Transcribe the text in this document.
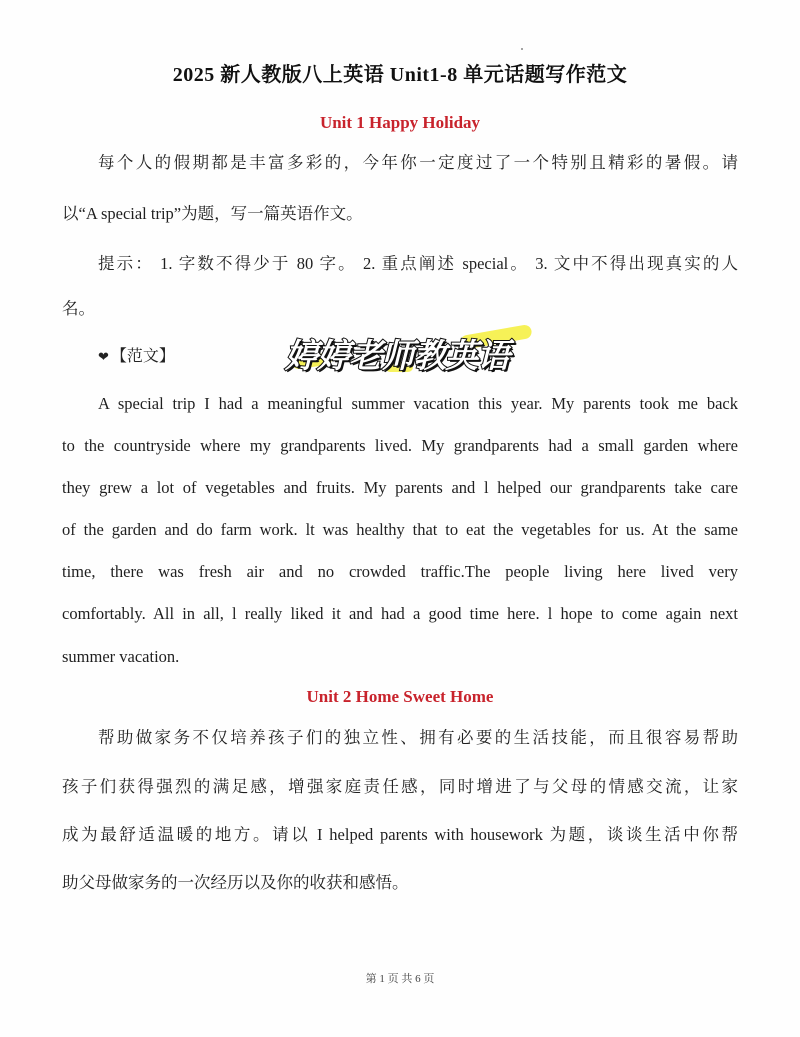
2025 新人教版八上英语 Unit1-8 单元话题写作范文
Unit 1 Happy Holiday
每个人的假期都是丰富多彩的，今年你一定度过了一个特别且精彩的暑假。请
以“A special trip”为题，写一篇英语作文。
提示： 1. 字数不得少于 80 字。 2. 重点阐述 special。 3. 文中不得出现真实的人
名。
❤ 【范文】	婷婷老师教英语
A special trip I had a meaningful summer vacation this year. My parents took me back
to the countryside where my grandparents lived. My grandparents had a small garden where
they grew a lot of vegetables and fruits. My parents and l helped our grandparents take care
of the garden and do farm work. lt was healthy that to eat the vegetables for us. At the same
time, there was fresh air and no crowded traffic.The people living here lived very
comfortably. All in all, l really liked it and had a good time here. l hope to come again next
summer vacation.
Unit 2 Home Sweet Home
帮助做家务不仅培养孩子们的独立性、拥有必要的生活技能，而且很容易帮助
孩子们获得强烈的满足感，增强家庭责任感，同时增进了与父母的情感交流，让家
成为最舒适温暖的地方。请以 I helped parents with housework 为题，谈谈生活中你帮
助父母做家务的一次经历以及你的收获和感悟。
第 1 页 共 6 页
